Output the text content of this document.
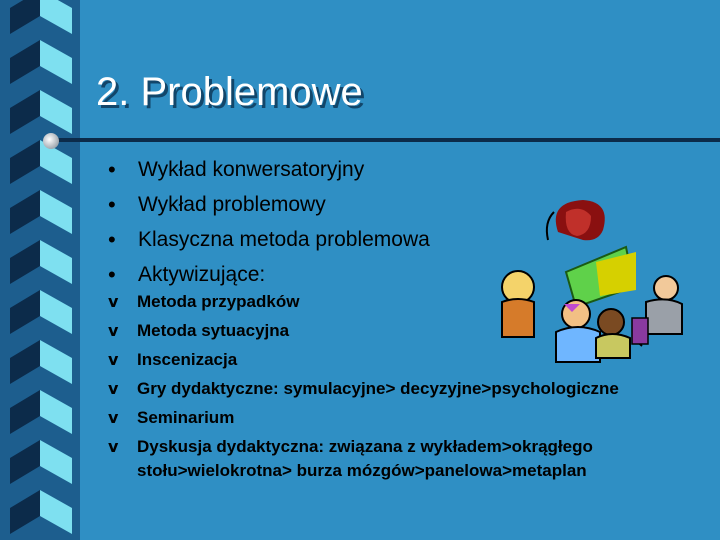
2. Problemowe
• Wykład konwersatoryjny
• Wykład problemowy
• Klasyczna metoda problemowa
• Aktywizujące:
v Metoda przypadków
v Metoda sytuacyjna
v Inscenizacja
v Gry dydaktyczne: symulacyjne> decyzyjne>psychologiczne
v Seminarium
v Dyskusja dydaktyczna: związana z wykładem>okrągłego
stołu>wielokrotna> burza mózgów>panelowa>metaplan
